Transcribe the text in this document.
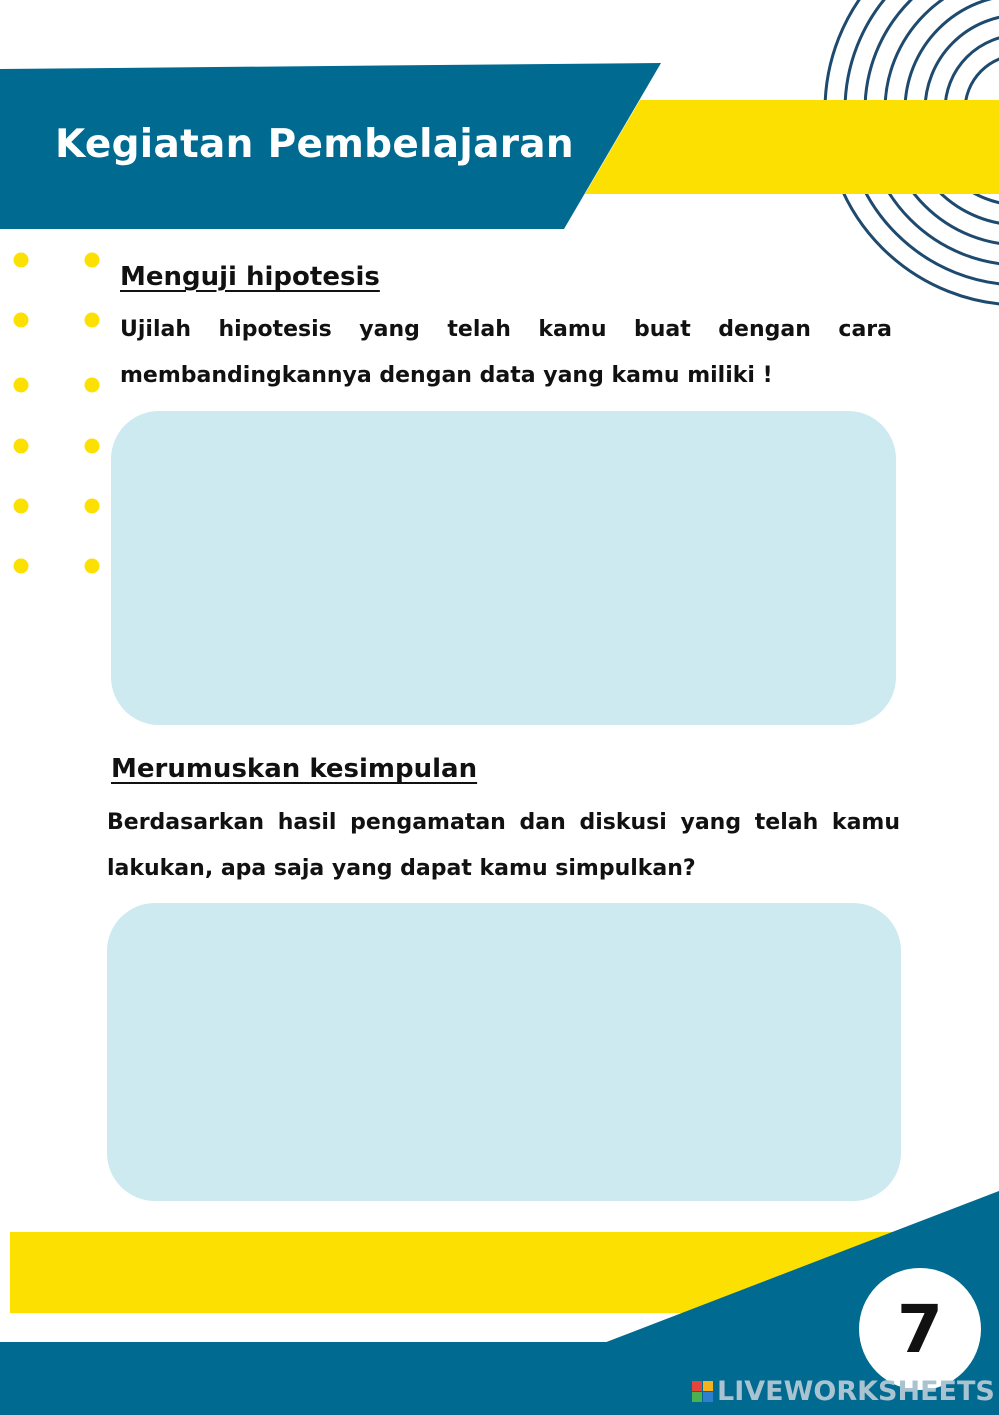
Kegiatan Pembelajaran
Menguji hipotesis
Ujilah hipotesis yang telah kamu buat dengan cara membandingkannya dengan data yang kamu miliki !
Merumuskan kesimpulan
Berdasarkan hasil pengamatan dan diskusi yang telah kamu lakukan, apa saja yang dapat kamu simpulkan?
7
LIVEWORKSHEETS
